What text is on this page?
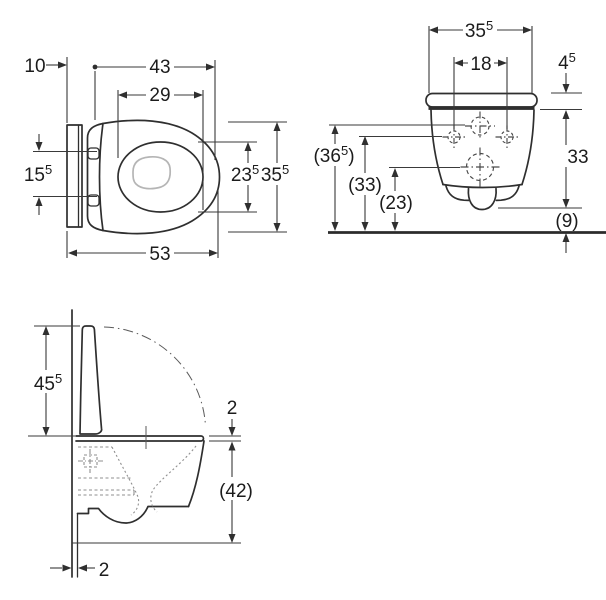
10	43
29
$15^5$	$23^5$ $35^5$
53
$35^5$
18	$4^5$
$(36^5)$
(33)
(23)
33
(9)
$45^5$
2
(42)
2
